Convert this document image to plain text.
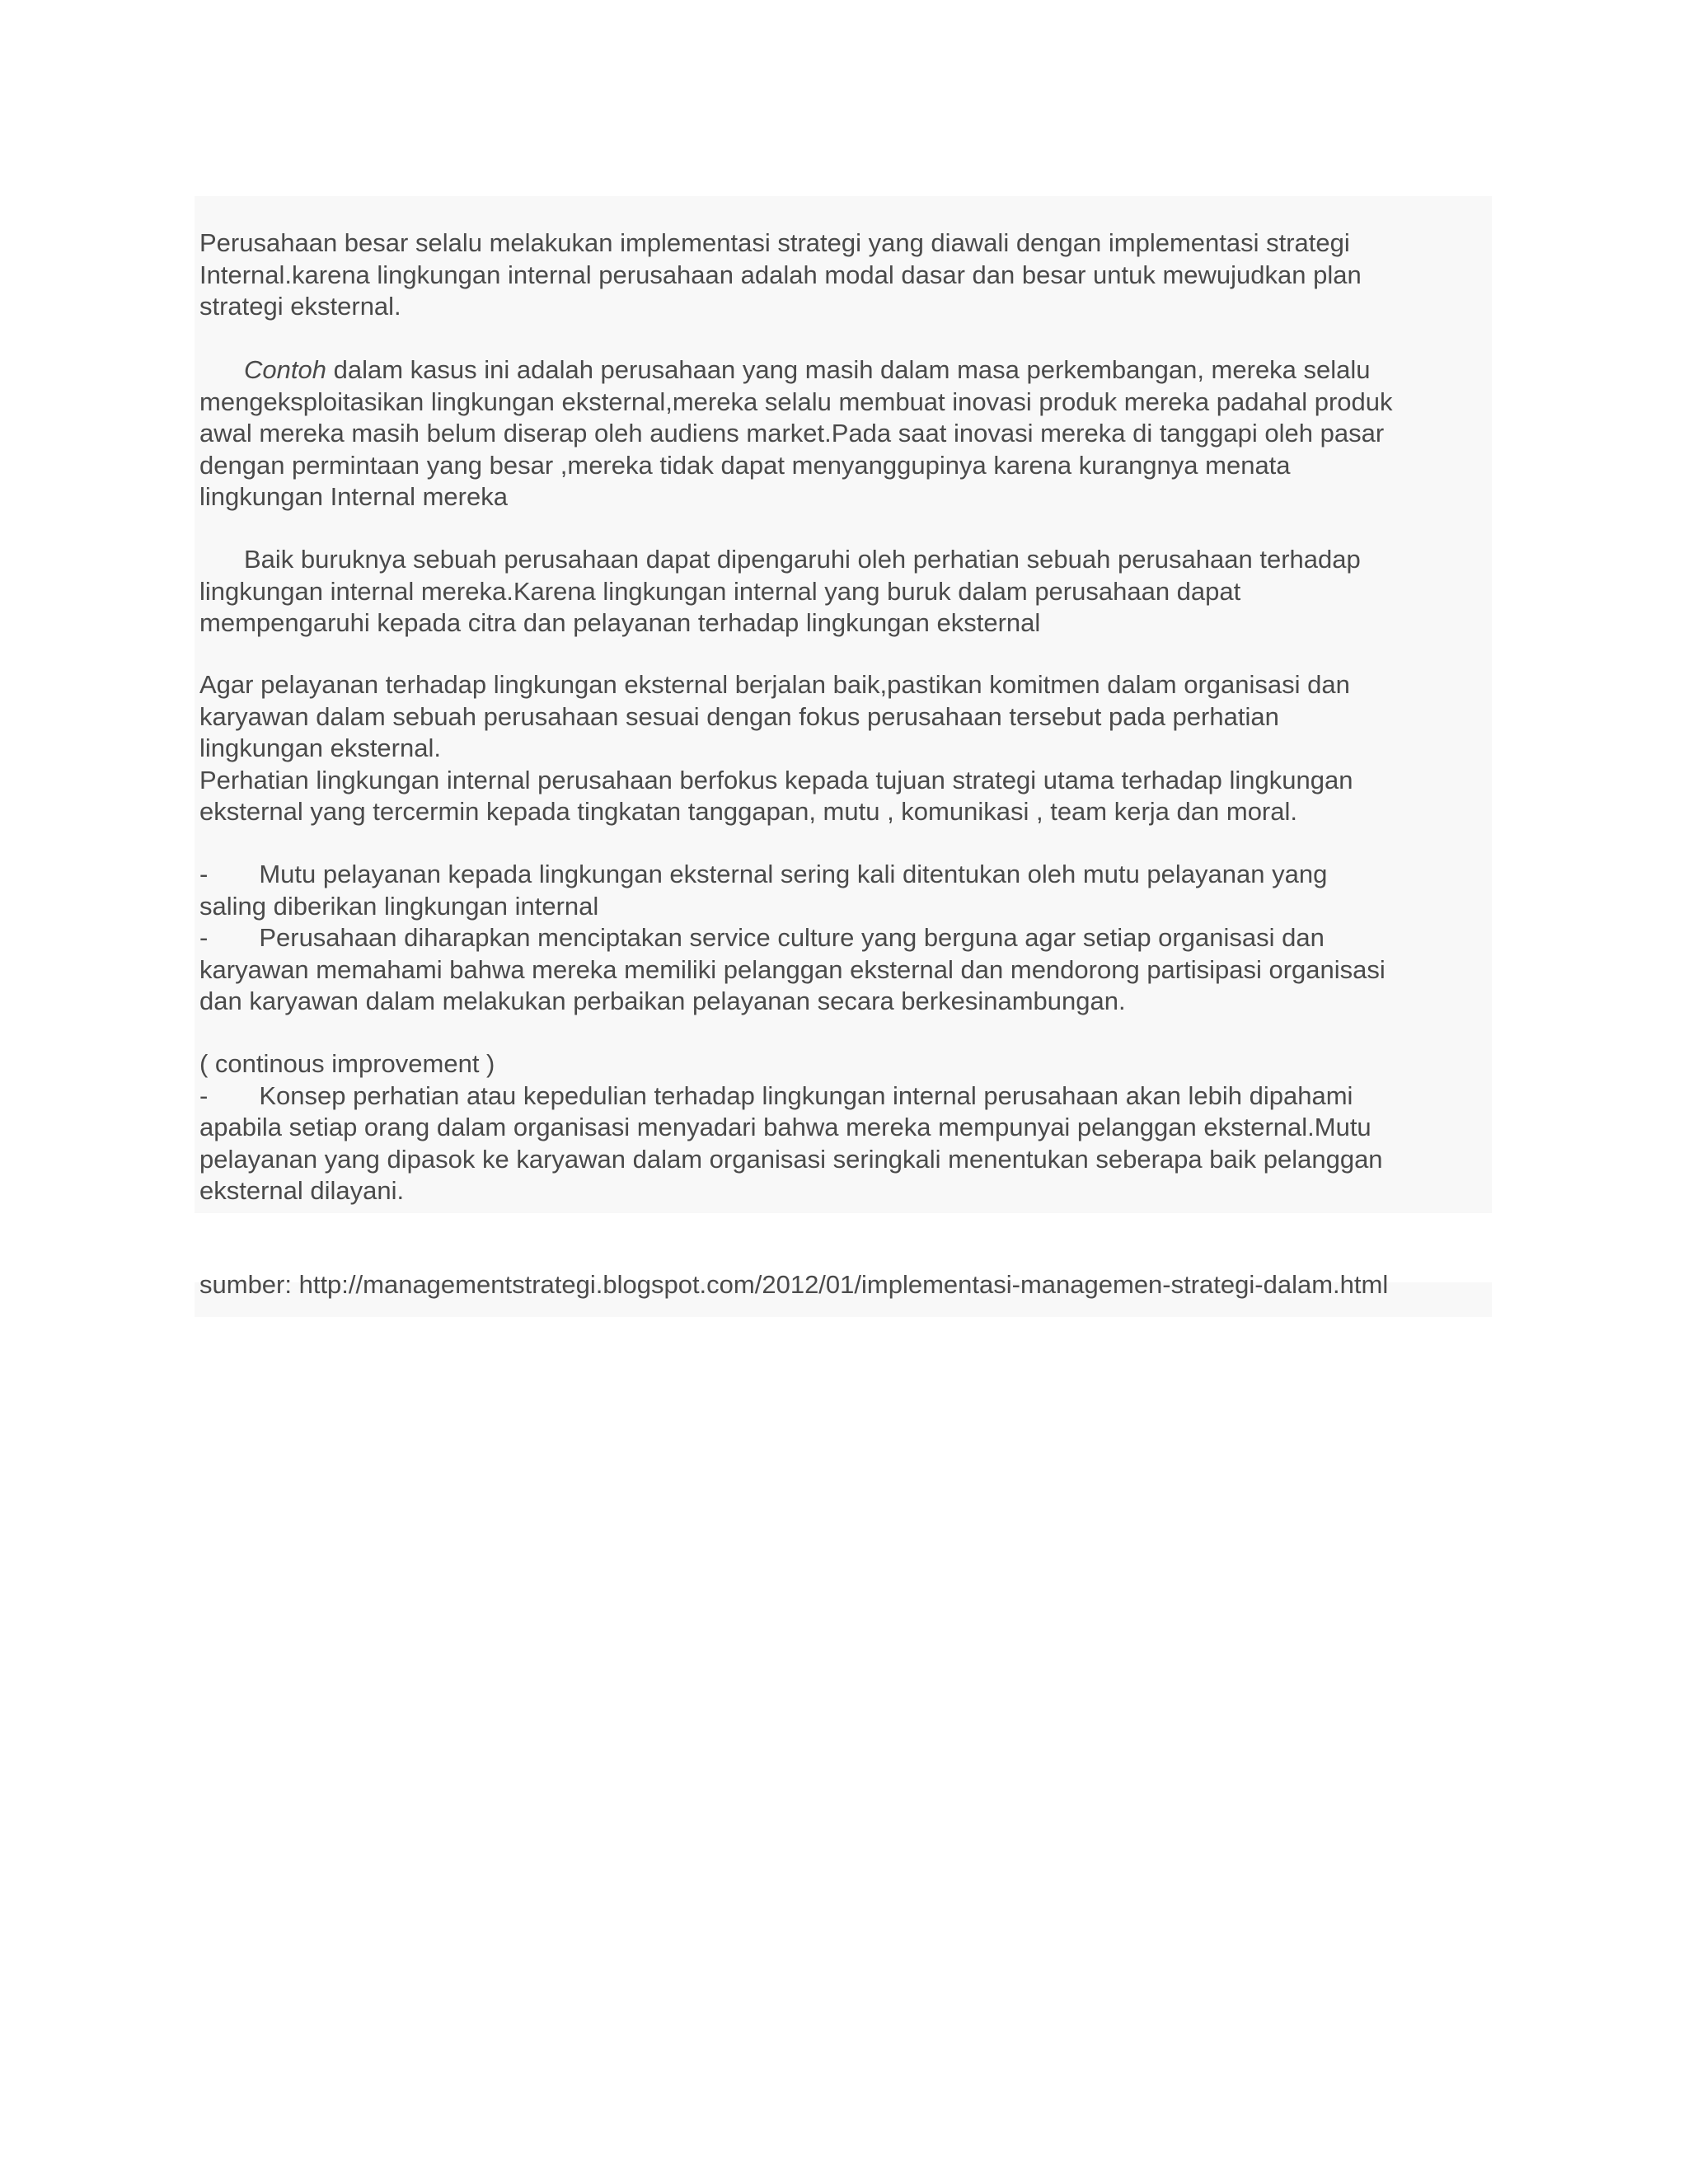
Perusahaan besar selalu melakukan implementasi strategi yang diawali dengan implementasi strategi
Internal.karena lingkungan internal perusahaan adalah modal dasar dan besar untuk mewujudkan plan
strategi eksternal.

Contoh dalam kasus ini adalah perusahaan yang masih dalam masa perkembangan, mereka selalu
mengeksploitasikan lingkungan eksternal,mereka selalu membuat inovasi produk mereka padahal produk
awal mereka masih belum diserap oleh audiens market.Pada saat inovasi mereka di tanggapi oleh pasar
dengan permintaan yang besar ,mereka tidak dapat menyanggupinya karena kurangnya menata
lingkungan Internal mereka

Baik buruknya sebuah perusahaan dapat dipengaruhi oleh perhatian sebuah perusahaan terhadap
lingkungan internal mereka.Karena lingkungan internal yang buruk dalam perusahaan dapat
mempengaruhi kepada citra dan pelayanan terhadap lingkungan eksternal

Agar pelayanan terhadap lingkungan eksternal berjalan baik,pastikan komitmen dalam organisasi dan
karyawan dalam sebuah perusahaan sesuai dengan fokus perusahaan tersebut pada perhatian
lingkungan eksternal.
Perhatian lingkungan internal perusahaan berfokus kepada tujuan strategi utama terhadap lingkungan
eksternal yang tercermin kepada tingkatan tanggapan, mutu , komunikasi , team kerja dan moral.

- Mutu pelayanan kepada lingkungan eksternal sering kali ditentukan oleh mutu pelayanan yang
saling diberikan lingkungan internal
- Perusahaan diharapkan menciptakan service culture yang berguna agar setiap organisasi dan
karyawan memahami bahwa mereka memiliki pelanggan eksternal dan mendorong partisipasi organisasi
dan karyawan dalam melakukan perbaikan pelayanan secara berkesinambungan.

( continous improvement )
- Konsep perhatian atau kepedulian terhadap lingkungan internal perusahaan akan lebih dipahami
apabila setiap orang dalam organisasi menyadari bahwa mereka mempunyai pelanggan eksternal.Mutu
pelayanan yang dipasok ke karyawan dalam organisasi seringkali menentukan seberapa baik pelanggan
eksternal dilayani.

sumber: http://managementstrategi.blogspot.com/2012/01/implementasi-managemen-strategi-dalam.html
